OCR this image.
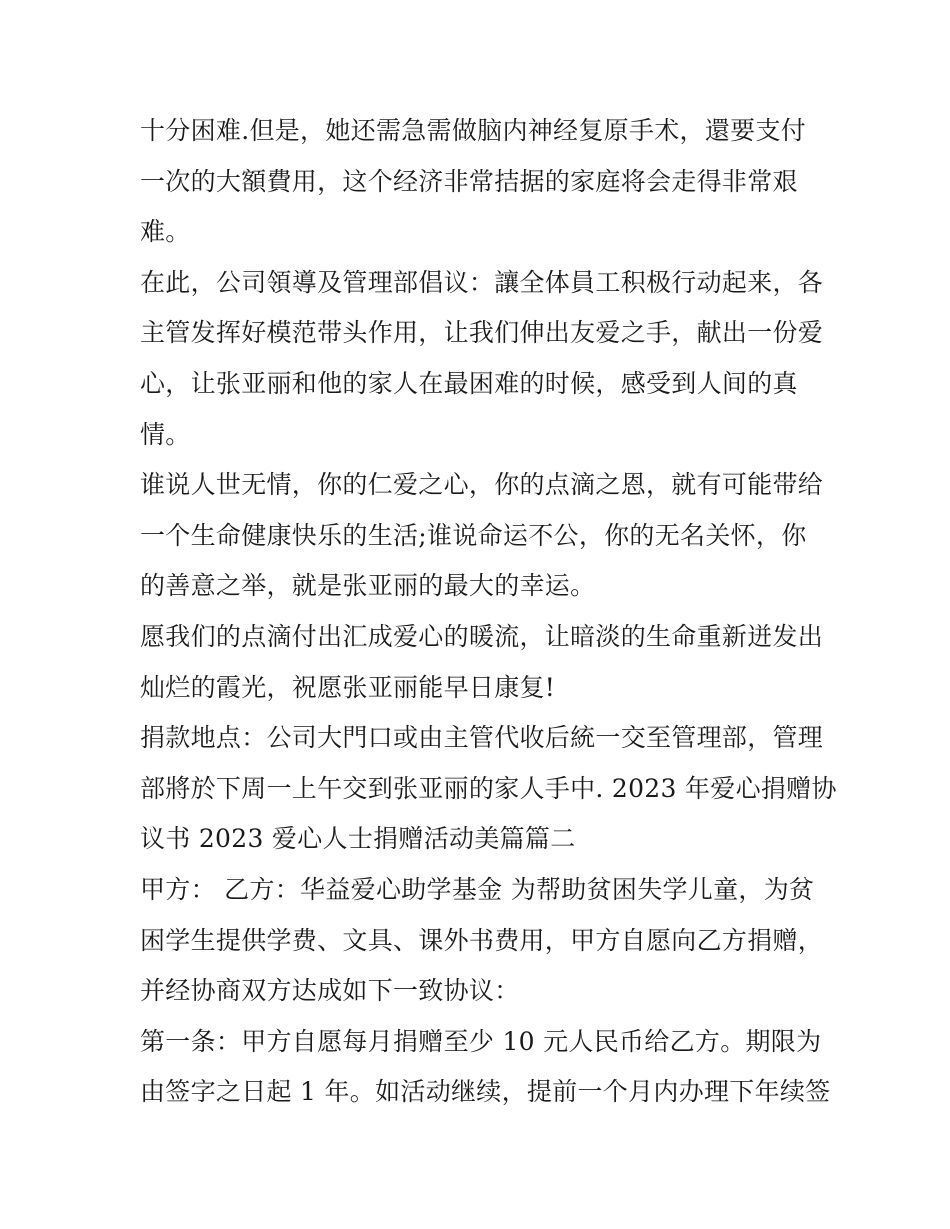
十分困难.但是，她还需急需做脑内神经复原手术，還要支付
一次的大額費用，这个经济非常拮据的家庭将会走得非常艰
难。
在此，公司領導及管理部倡议：讓全体員工积极行动起来，各
主管发挥好模范带头作用，让我们伸出友爱之手，献出一份爱
心，让张亚丽和他的家人在最困难的时候，感受到人间的真
情。
谁说人世无情，你的仁爱之心，你的点滴之恩，就有可能带给
一个生命健康快乐的生活;谁说命运不公，你的无名关怀，你
的善意之举，就是张亚丽的最大的幸运。
愿我们的点滴付出汇成爱心的暖流，让暗淡的生命重新迸发出
灿烂的霞光，祝愿张亚丽能早日康复!
捐款地点：公司大門口或由主管代收后統一交至管理部，管理
部將於下周一上午交到张亚丽的家人手中. 2023 年爱心捐赠协
议书 2023 爱心人士捐赠活动美篇篇二
甲方： 乙方：华益爱心助学基金 为帮助贫困失学儿童，为贫
困学生提供学费、文具、课外书费用，甲方自愿向乙方捐赠，
并经协商双方达成如下一致协议：
第一条：甲方自愿每月捐赠至少 10 元人民币给乙方。期限为
由签字之日起 1 年。如活动继续，提前一个月内办理下年续签
